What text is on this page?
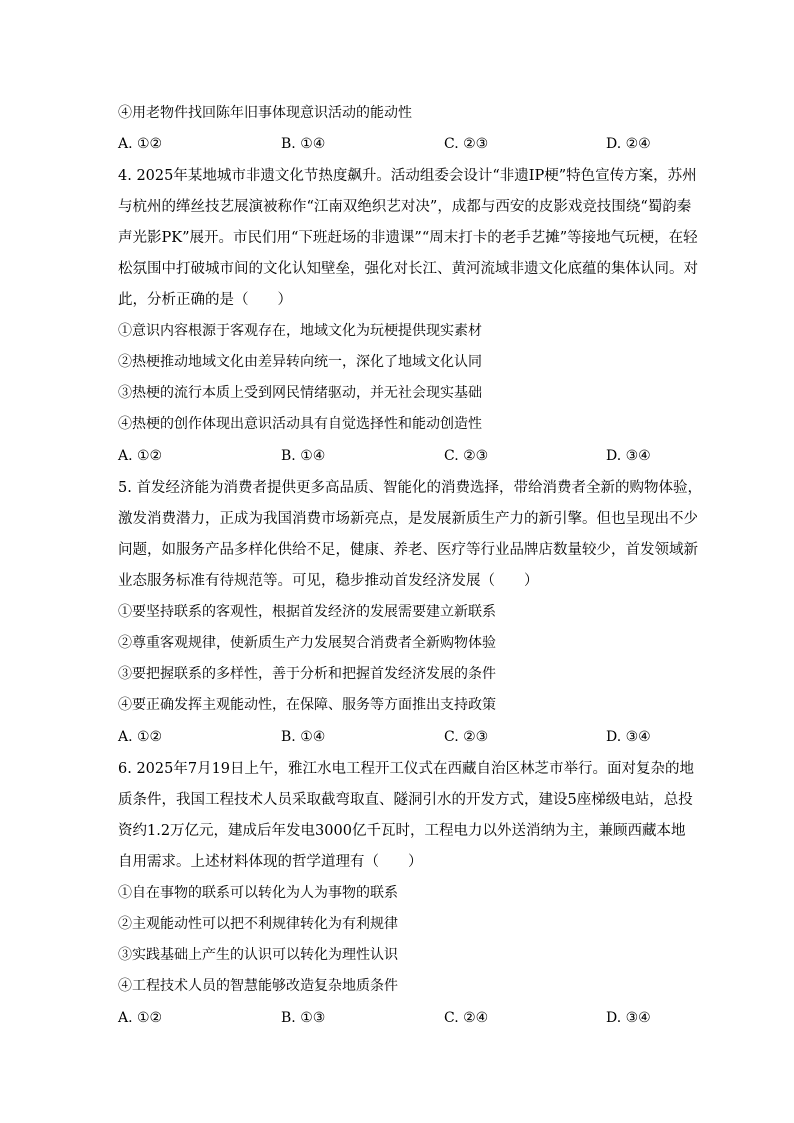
④用老物件找回陈年旧事体现意识活动的能动性
A. ①②	B. ①④	C. ②③	D. ②④
4. 2025年某地城市非遗文化节热度飙升。活动组委会设计“非遗IP梗”特色宣传方案，苏州
与杭州的缂丝技艺展演被称作“江南双绝织艺对决”，成都与西安的皮影戏竞技围绕“蜀韵秦
声光影PK”展开。市民们用“下班赶场的非遗课”“周末打卡的老手艺摊”等接地气玩梗，在轻
松氛围中打破城市间的文化认知壁垒，强化对长江、黄河流域非遗文化底蕴的集体认同。对
此，分析正确的是（　　）
①意识内容根源于客观存在，地域文化为玩梗提供现实素材
②热梗推动地域文化由差异转向统一，深化了地域文化认同
③热梗的流行本质上受到网民情绪驱动，并无社会现实基础
④热梗的创作体现出意识活动具有自觉选择性和能动创造性
A. ①②	B. ①④	C. ②③	D. ③④
5. 首发经济能为消费者提供更多高品质、智能化的消费选择，带给消费者全新的购物体验，
激发消费潜力，正成为我国消费市场新亮点，是发展新质生产力的新引擎。但也呈现出不少
问题，如服务产品多样化供给不足，健康、养老、医疗等行业品牌店数量较少，首发领域新
业态服务标准有待规范等。可见，稳步推动首发经济发展（　　）
①要坚持联系的客观性，根据首发经济的发展需要建立新联系
②尊重客观规律，使新质生产力发展契合消费者全新购物体验
③要把握联系的多样性，善于分析和把握首发经济发展的条件
④要正确发挥主观能动性，在保障、服务等方面推出支持政策
A. ①②	B. ①④	C. ②③	D. ③④
6. 2025年7月19日上午，雅江水电工程开工仪式在西藏自治区林芝市举行。面对复杂的地
质条件，我国工程技术人员采取截弯取直、隧洞引水的开发方式，建设5座梯级电站，总投
资约1.2万亿元，建成后年发电3000亿千瓦时，工程电力以外送消纳为主，兼顾西藏本地
自用需求。上述材料体现的哲学道理有（　　）
①自在事物的联系可以转化为人为事物的联系
②主观能动性可以把不利规律转化为有利规律
③实践基础上产生的认识可以转化为理性认识
④工程技术人员的智慧能够改造复杂地质条件
A. ①②	B. ①③	C. ②④	D. ③④
